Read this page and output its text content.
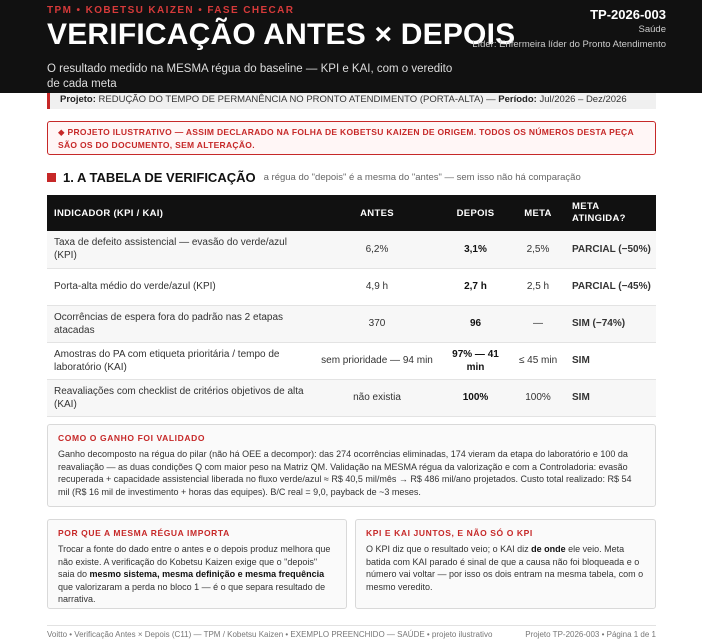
TPM • KOBETSU KAIZEN • FASE CHECAR
VERIFICAÇÃO ANTES × DEPOIS
O resultado medido na MESMA régua do baseline — KPI e KAI, com o veredito de cada meta
TP-2026-003
Saúde
Líder: Enfermeira líder do Pronto Atendimento
Projeto: REDUÇÃO DO TEMPO DE PERMANÊNCIA NO PRONTO ATENDIMENTO (PORTA-ALTA) — Período: Jul/2026 – Dez/2026
◆ PROJETO ILUSTRATIVO — ASSIM DECLARADO NA FOLHA DE KOBETSU KAIZEN DE ORIGEM. TODOS OS NÚMEROS DESTA PEÇA SÃO OS DO DOCUMENTO, SEM ALTERAÇÃO.
1. A TABELA DE VERIFICAÇÃO a régua do "depois" é a mesma do "antes" — sem isso não há comparação
INDICADOR (KPI / KAI)	ANTES	DEPOIS	META	META ATINGIDA?
Taxa de defeito assistencial — evasão do verde/azul (KPI)	6,2%	3,1%	2,5%	PARCIAL (−50%)
Porta-alta médio do verde/azul (KPI)	4,9 h	2,7 h	2,5 h	PARCIAL (−45%)
Ocorrências de espera fora do padrão nas 2 etapas atacadas	370	96	—	SIM (−74%)
Amostras do PA com etiqueta prioritária / tempo de laboratório (KAI)	sem prioridade — 94 min	97% — 41 min	≤ 45 min	SIM
Reavaliações com checklist de critérios objetivos de alta (KAI)	não existia	100%	100%	SIM
COMO O GANHO FOI VALIDADO
Ganho decomposto na régua do pilar (não há OEE a decompor): das 274 ocorrências eliminadas, 174 vieram da etapa do laboratório e 100 da reavaliação — as duas condições Q com maior peso na Matriz QM. Validação na MESMA régua da valorização e com a Controladoria: evasão recuperada + capacidade assistencial liberada no fluxo verde/azul ≈ R$ 40,5 mil/mês → R$ 486 mil/ano projetados. Custo total realizado: R$ 54 mil (R$ 16 mil de investimento + horas das equipes). B/C real = 9,0, payback de ~3 meses.
POR QUE A MESMA RÉGUA IMPORTA
Trocar a fonte do dado entre o antes e o depois produz melhora que não existe. A verificação do Kobetsu Kaizen exige que o "depois" saia do mesmo sistema, mesma definição e mesma frequência que valorizaram a perda no bloco 1 — é o que separa resultado de narrativa.
KPI E KAI JUNTOS, E NÃO SÓ O KPI
O KPI diz que o resultado veio; o KAI diz de onde ele veio. Meta batida com KAI parado é sinal de que a causa não foi bloqueada e o número vai voltar — por isso os dois entram na mesma tabela, com o mesmo veredito.
Voitto • Verificação Antes × Depois (C11) — TPM / Kobetsu Kaizen • EXEMPLO PREENCHIDO — SAÚDE • projeto ilustrativo	Projeto TP-2026-003 • Página 1 de 1
